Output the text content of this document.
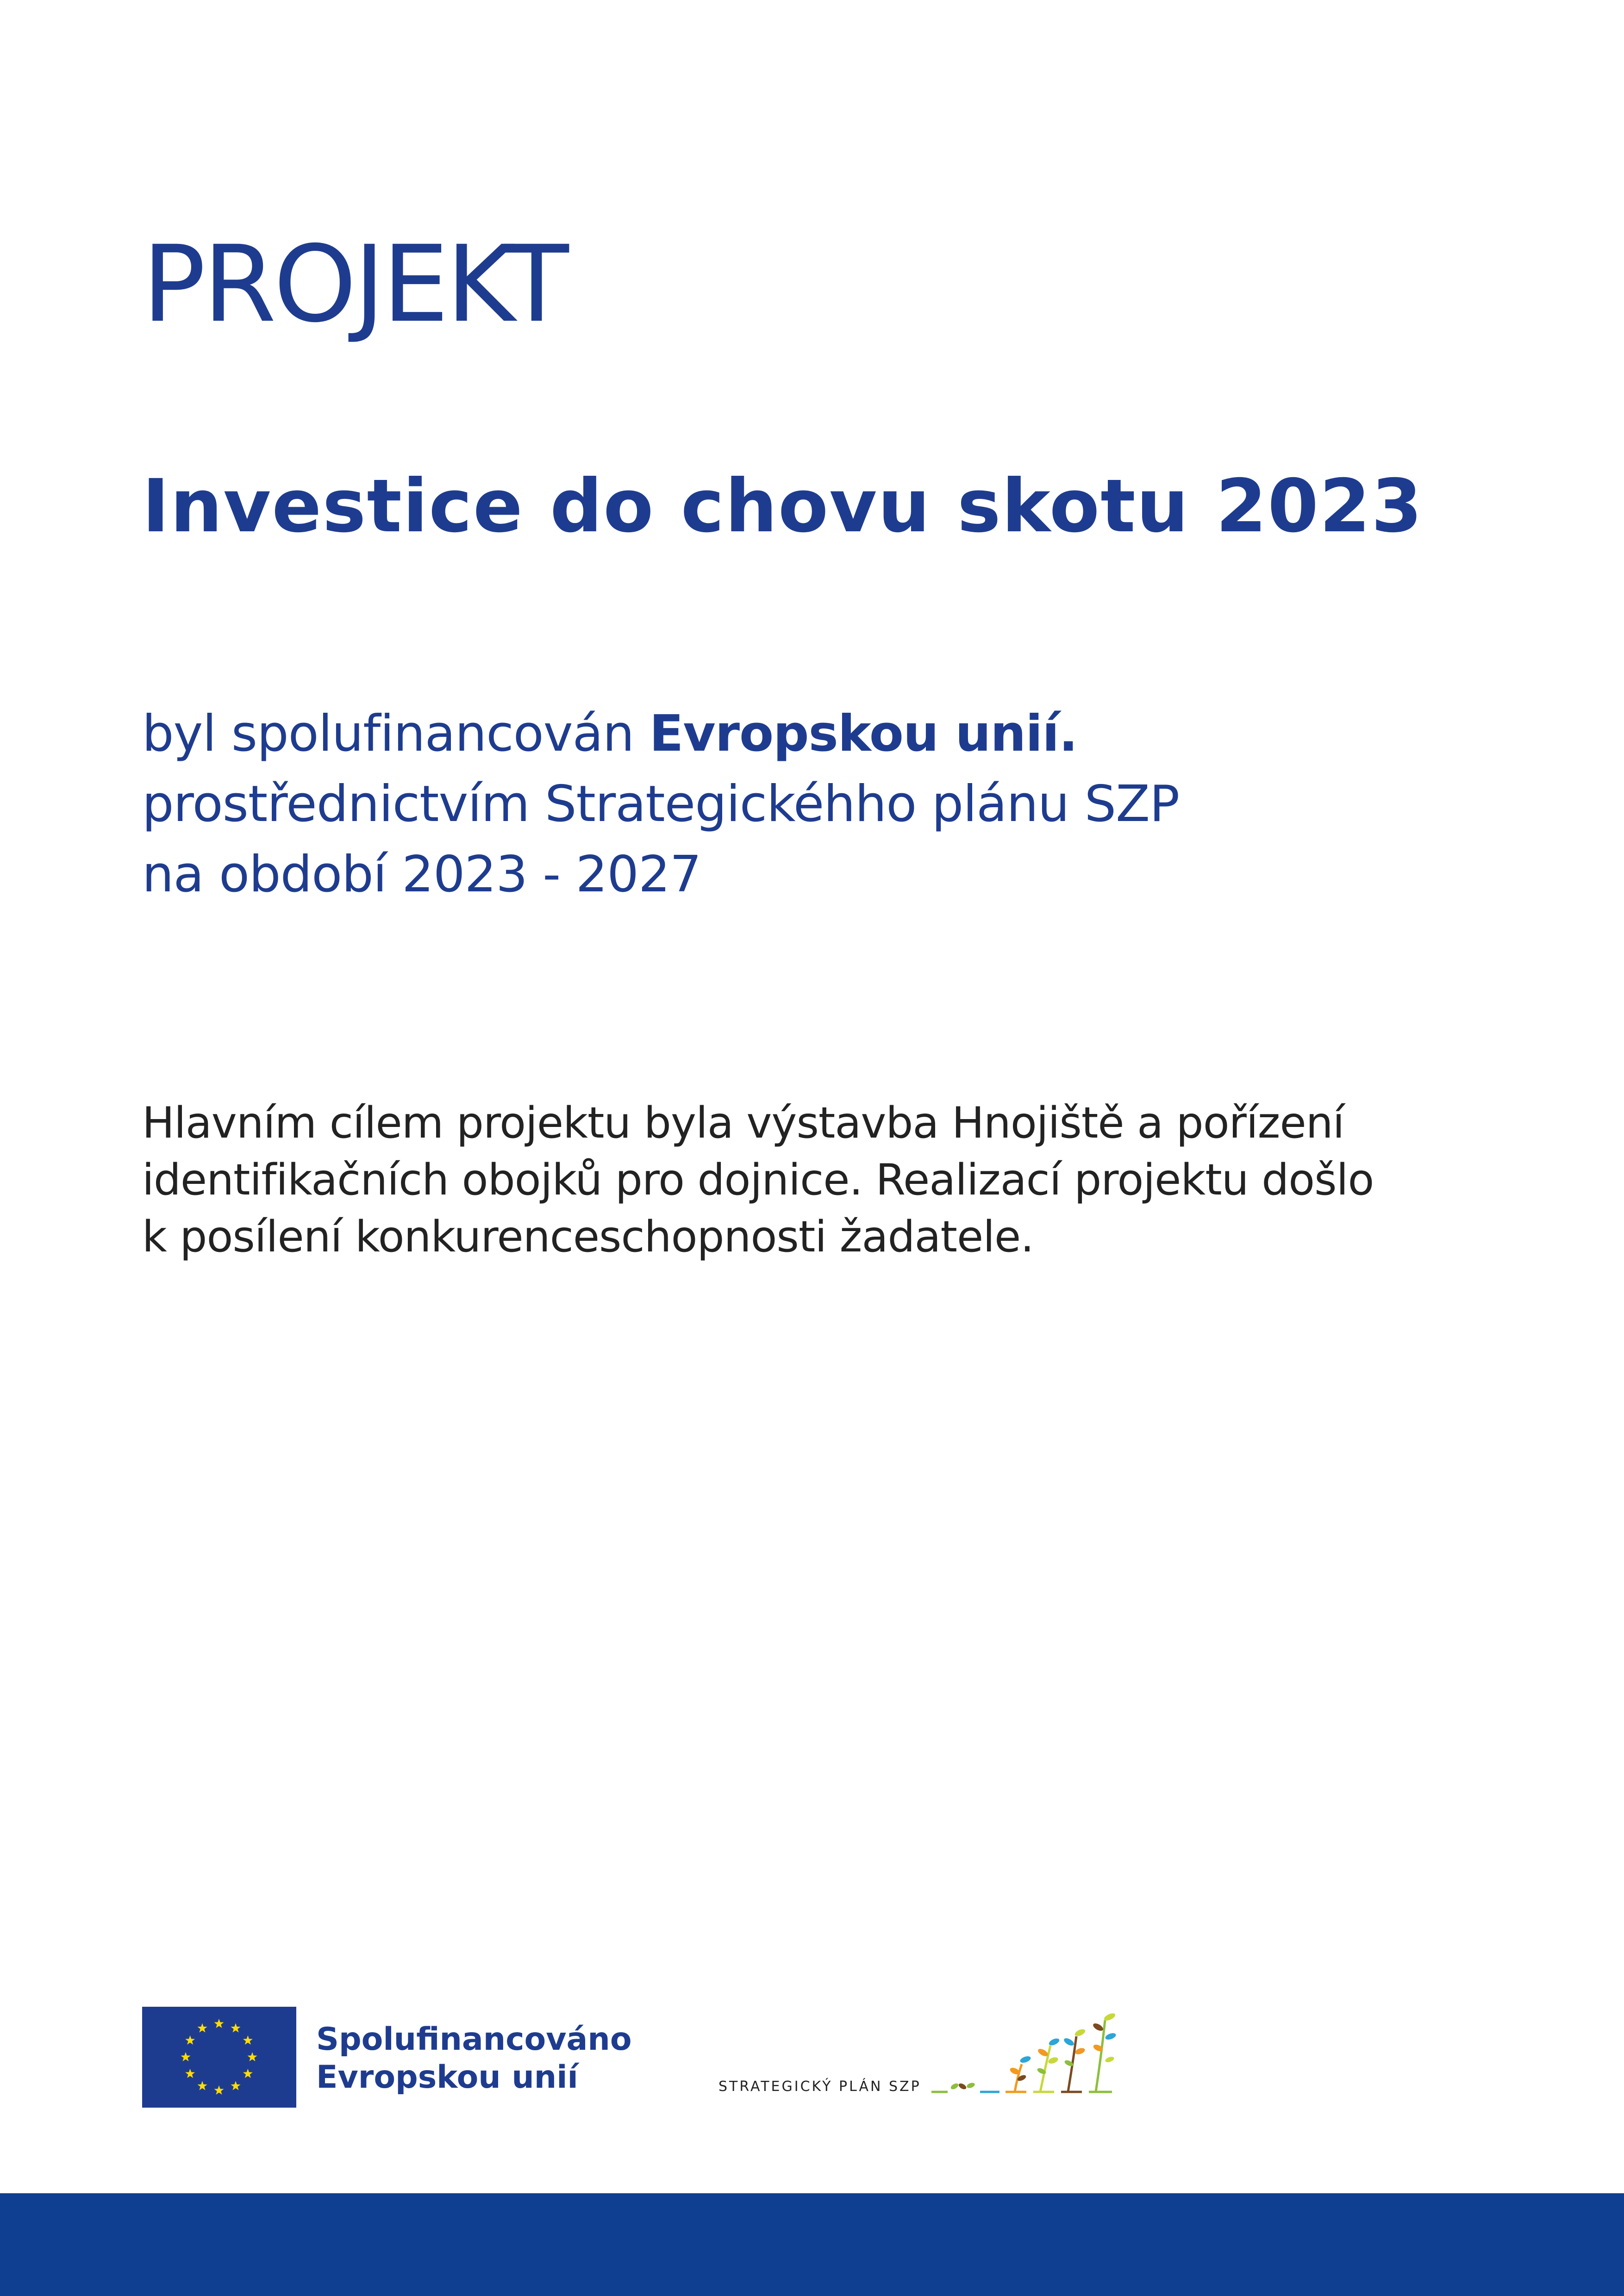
PROJEKT
Investice do chovu skotu 2023
byl spolufinancován Evropskou unií.
prostřednictvím Strategickéhho plánu SZP
na období 2023 - 2027
Hlavním cílem projektu byla výstavba Hnojiště a pořízení
identifikačních obojků pro dojnice. Realizací projektu došlo
k posílení konkurenceschopnosti žadatele.
Spolufinancováno
Evropskou unií	STRATEGICKÝ PLÁN SZP
